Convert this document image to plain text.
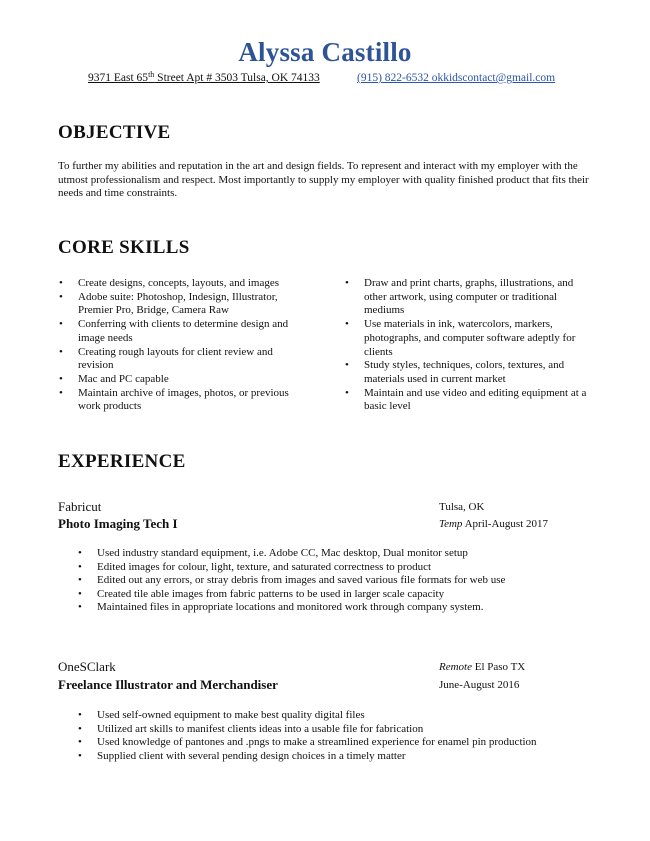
Alyssa Castillo
9371 East 65th Street Apt # 3503 Tulsa, OK 74133	(915) 822-6532 okkidscontact@gmail.com
OBJECTIVE
To further my abilities and reputation in the art and design fields. To represent and interact with my employer with the utmost professionalism and respect. Most importantly to supply my employer with quality finished product that fits their needs and time constraints.
CORE SKILLS
• Create designs, concepts, layouts, and images
• Adobe suite: Photoshop, Indesign, Illustrator, Premier Pro, Bridge, Camera Raw
• Conferring with clients to determine design and image needs
• Creating rough layouts for client review and revision
• Mac and PC capable
• Maintain archive of images, photos, or previous work products
• Draw and print charts, graphs, illustrations, and other artwork, using computer or traditional mediums
• Use materials in ink, watercolors, markers, photographs, and computer software adeptly for clients
• Study styles, techniques, colors, textures, and materials used in current market
• Maintain and use video and editing equipment at a basic level
EXPERIENCE
Fabricut	Tulsa, OK
Photo Imaging Tech I	Temp April-August 2017
• Used industry standard equipment, i.e. Adobe CC, Mac desktop, Dual monitor setup
• Edited images for colour, light, texture, and saturated correctness to product
• Edited out any errors, or stray debris from images and saved various file formats for web use
• Created tile able images from fabric patterns to be used in larger scale capacity
• Maintained files in appropriate locations and monitored work through company system.
OneSClark	Remote El Paso TX
Freelance Illustrator and Merchandiser	June-August 2016
• Used self-owned equipment to make best quality digital files
• Utilized art skills to manifest clients ideas into a usable file for fabrication
• Used knowledge of pantones and .pngs to make a streamlined experience for enamel pin production
• Supplied client with several pending design choices in a timely matter
